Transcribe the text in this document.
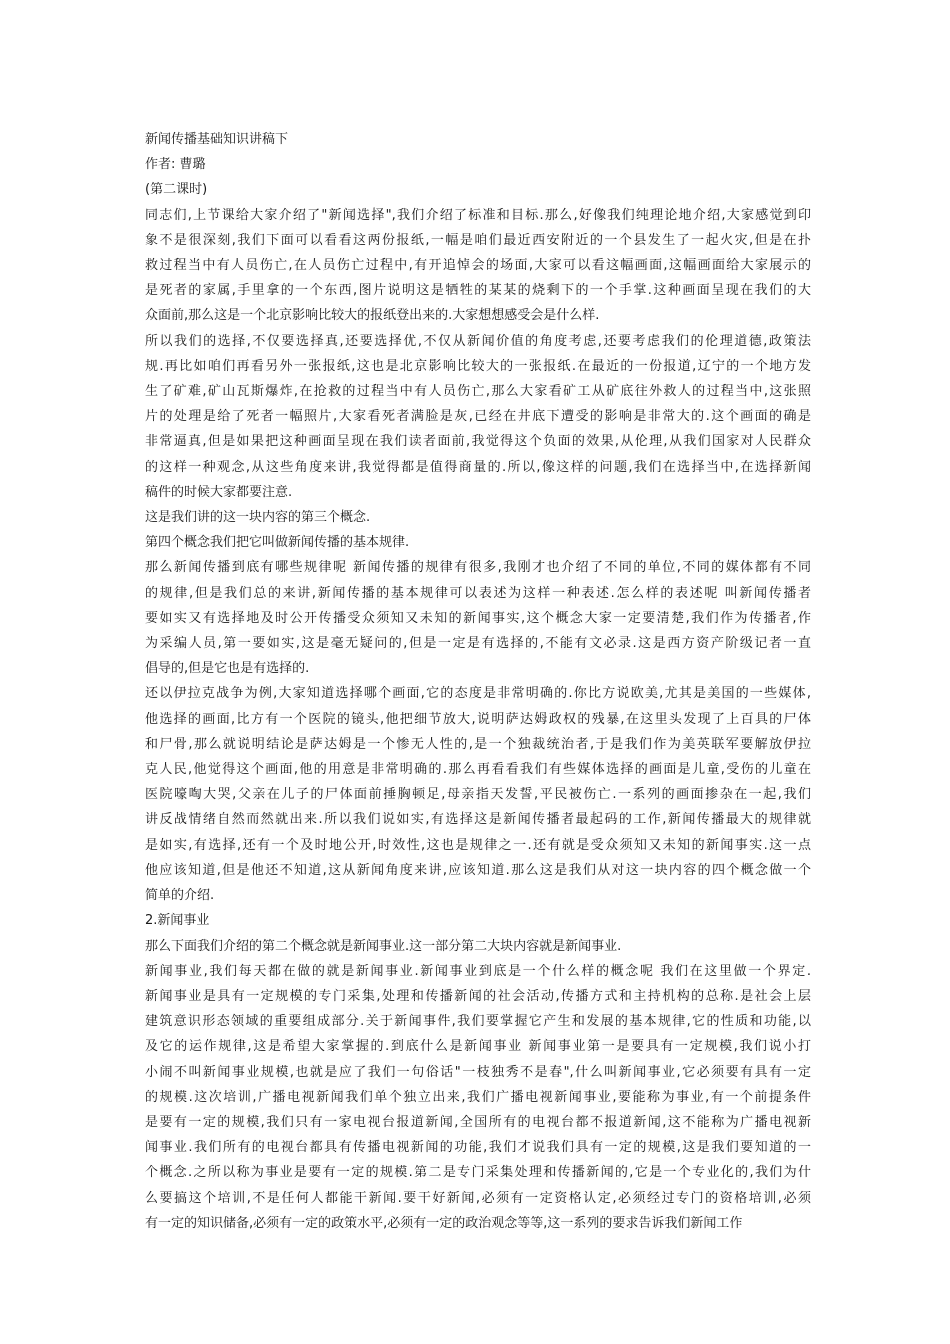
新闻传播基础知识讲稿下
作者: 曹璐
(第二课时)

同志们,上节课给大家介绍了"新闻选择",我们介绍了标准和目标.那么,好像我们纯理论地介绍,大家感觉到印
象不是很深刻,我们下面可以看看这两份报纸,一幅是咱们最近西安附近的一个县发生了一起火灾,但是在扑
救过程当中有人员伤亡,在人员伤亡过程中,有开追悼会的场面,大家可以看这幅画面,这幅画面给大家展示的
是死者的家属,手里拿的一个东西,图片说明这是牺牲的某某的烧剩下的一个手掌.这种画面呈现在我们的大
众面前,那么这是一个北京影响比较大的报纸登出来的.大家想想感受会是什么样.

所以我们的选择,不仅要选择真,还要选择优,不仅从新闻价值的角度考虑,还要考虑我们的伦理道德,政策法
规.再比如咱们再看另外一张报纸,这也是北京影响比较大的一张报纸.在最近的一份报道,辽宁的一个地方发
生了矿难,矿山瓦斯爆炸,在抢救的过程当中有人员伤亡,那么大家看矿工从矿底往外救人的过程当中,这张照
片的处理是给了死者一幅照片,大家看死者满脸是灰,已经在井底下遭受的影响是非常大的.这个画面的确是
非常逼真,但是如果把这种画面呈现在我们读者面前,我觉得这个负面的效果,从伦理,从我们国家对人民群众
的这样一种观念,从这些角度来讲,我觉得都是值得商量的.所以,像这样的问题,我们在选择当中,在选择新闻
稿件的时候大家都要注意.

这是我们讲的这一块内容的第三个概念.

第四个概念我们把它叫做新闻传播的基本规律.

那么新闻传播到底有哪些规律呢 新闻传播的规律有很多,我刚才也介绍了不同的单位,不同的媒体都有不同
的规律,但是我们总的来讲,新闻传播的基本规律可以表述为这样一种表述.怎么样的表述呢 叫新闻传播者
要如实又有选择地及时公开传播受众须知又未知的新闻事实,这个概念大家一定要清楚,我们作为传播者,作
为采编人员,第一要如实,这是毫无疑问的,但是一定是有选择的,不能有文必录.这是西方资产阶级记者一直
倡导的,但是它也是有选择的.

还以伊拉克战争为例,大家知道选择哪个画面,它的态度是非常明确的.你比方说欧美,尤其是美国的一些媒体,
他选择的画面,比方有一个医院的镜头,他把细节放大,说明萨达姆政权的残暴,在这里头发现了上百具的尸体
和尸骨,那么就说明结论是萨达姆是一个惨无人性的,是一个独裁统治者,于是我们作为美英联军要解放伊拉
克人民,他觉得这个画面,他的用意是非常明确的.那么再看看我们有些媒体选择的画面是儿童,受伤的儿童在
医院嚎啕大哭,父亲在儿子的尸体面前捶胸顿足,母亲指天发誓,平民被伤亡.一系列的画面掺杂在一起,我们
讲反战情绪自然而然就出来.所以我们说如实,有选择这是新闻传播者最起码的工作,新闻传播最大的规律就
是如实,有选择,还有一个及时地公开,时效性,这也是规律之一.还有就是受众须知又未知的新闻事实.这一点
他应该知道,但是他还不知道,这从新闻角度来讲,应该知道.那么这是我们从对这一块内容的四个概念做一个
简单的介绍.

2.新闻事业

那么下面我们介绍的第二个概念就是新闻事业.这一部分第二大块内容就是新闻事业.

新闻事业,我们每天都在做的就是新闻事业.新闻事业到底是一个什么样的概念呢 我们在这里做一个界定.
新闻事业是具有一定规模的专门采集,处理和传播新闻的社会活动,传播方式和主持机构的总称.是社会上层
建筑意识形态领域的重要组成部分.关于新闻事件,我们要掌握它产生和发展的基本规律,它的性质和功能,以
及它的运作规律,这是希望大家掌握的.到底什么是新闻事业 新闻事业第一是要具有一定规模,我们说小打
小闹不叫新闻事业规模,也就是应了我们一句俗话"一枝独秀不是春",什么叫新闻事业,它必须要有具有一定
的规模.这次培训,广播电视新闻我们单个独立出来,我们广播电视新闻事业,要能称为事业,有一个前提条件
是要有一定的规模,我们只有一家电视台报道新闻,全国所有的电视台都不报道新闻,这不能称为广播电视新
闻事业.我们所有的电视台都具有传播电视新闻的功能,我们才说我们具有一定的规模,这是我们要知道的一
个概念.之所以称为事业是要有一定的规模.第二是专门采集处理和传播新闻的,它是一个专业化的,我们为什
么要搞这个培训,不是任何人都能干新闻.要干好新闻,必须有一定资格认定,必须经过专门的资格培训,必须
有一定的知识储备,必须有一定的政策水平,必须有一定的政治观念等等,这一系列的要求告诉我们新闻工作
